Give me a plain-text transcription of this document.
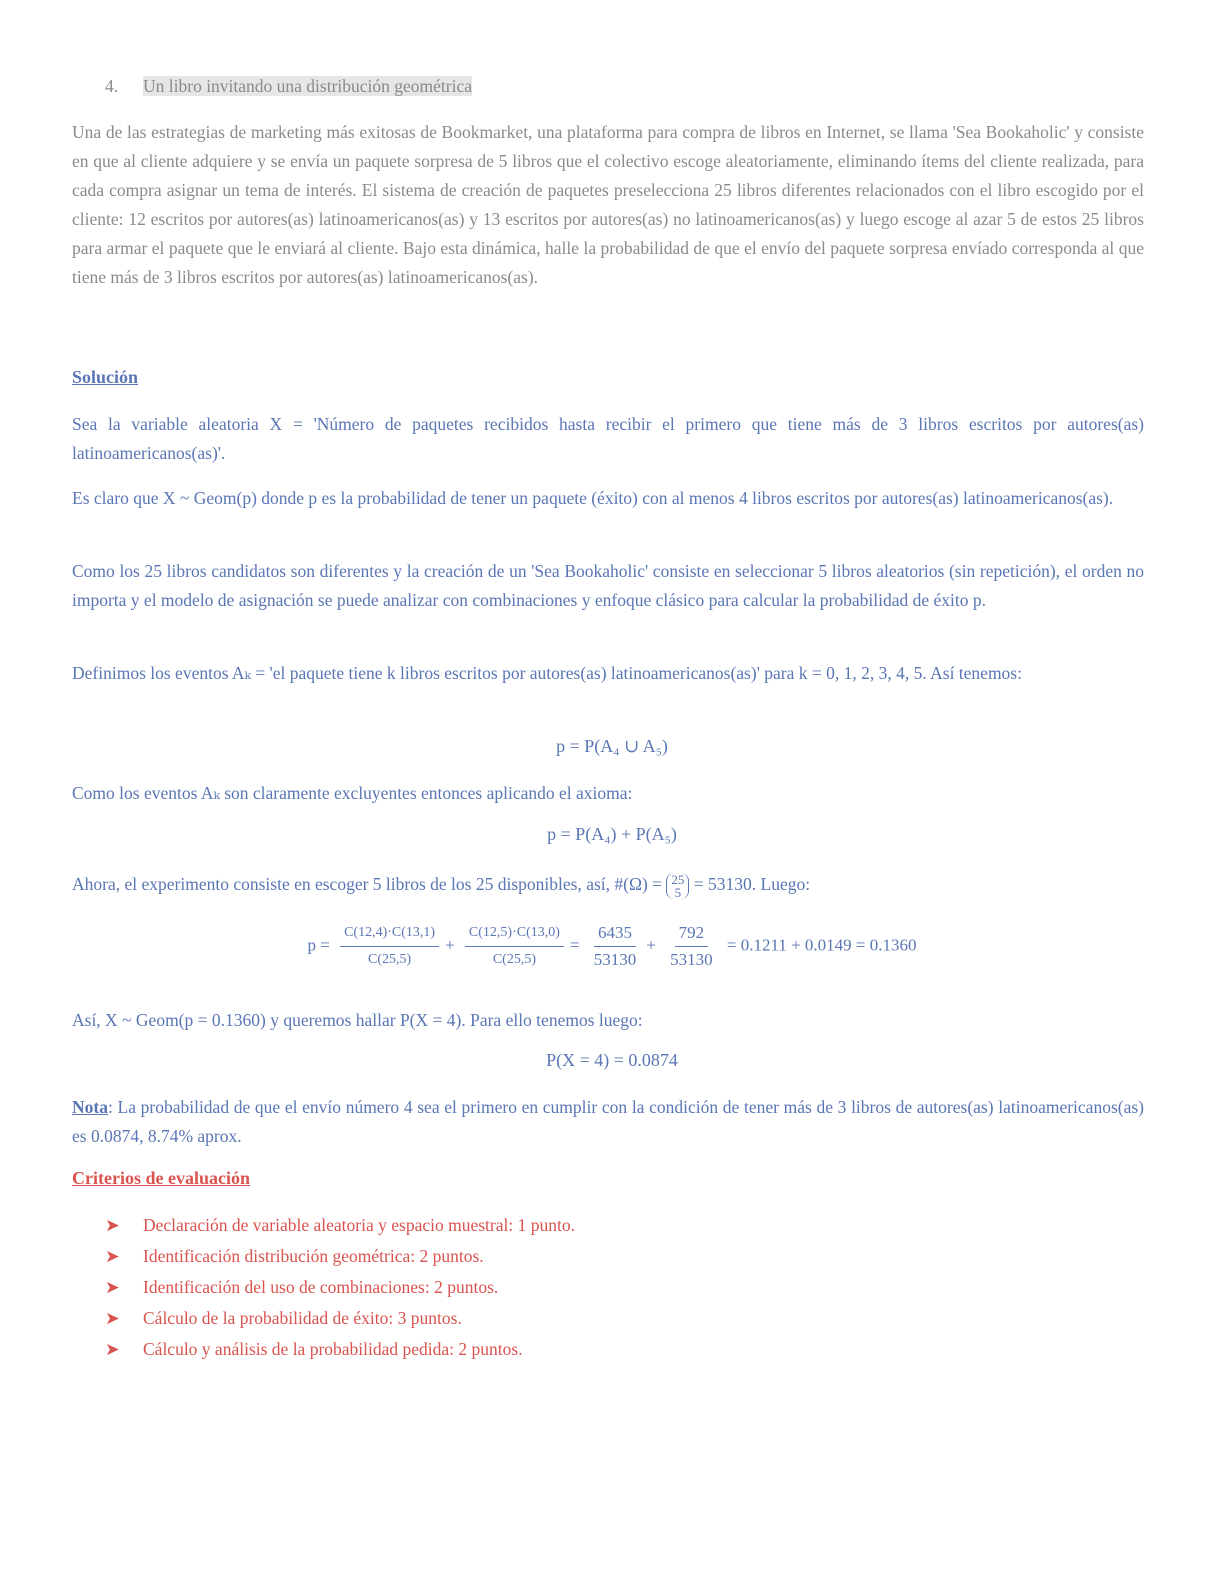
4. Un libro invitando una distribución geométrica
Una de las estrategias de marketing más exitosas de Bookmarket, una plataforma para compra de libros en Internet, se llama 'Sea Bookaholic' y consiste en que al cliente adquiere y se envía un paquete sorpresa de 5 libros que el colectivo escoge aleatoriamente, eliminando ítems del cliente realizada, para cada compra asignar un tema de interés. El sistema de creación de paquetes preselecciona 25 libros diferentes relacionados con el libro escogido por el cliente: 12 escritos por autores(as) latinoamericanos(as) y 13 escritos por autores(as) no latinoamericanos(as) y luego escoge al azar 5 de estos 25 libros para armar el paquete que le enviará al cliente. Bajo esta dinámica, halle la probabilidad de que el envío del paquete sorpresa envíado corresponda al que tiene más de 3 libros escritos por autores(as) latinoamericanos(as).
Solución
Sea la variable aleatoria X = 'Número de paquetes recibidos hasta recibir el primero que tiene más de 3 libros escritos por autores(as) latinoamericanos(as)'.
Es claro que X ~ Geom(p) donde p es la probabilidad de tener un paquete (éxito) con al menos 4 libros escritos por autores(as) latinoamericanos(as).
Como los 25 libros candidatos son diferentes y la creación de un 'Sea Bookaholic' consiste en seleccionar 5 libros aleatorios (sin repetición), el orden no importa y el modelo de asignación se puede analizar con combinaciones y enfoque clásico para calcular la probabilidad de éxito p.
Definimos los eventos Aₖ = 'el paquete tiene k libros escritos por autores(as) latinoamericanos(as)' para k = 0, 1, 2, 3, 4, 5. Así tenemos:
p = P(A₄ ∪ A₅)
Como los eventos Aₖ son claramente excluyentes entonces aplicando el axioma:
p = P(A₄) + P(A₅)
Ahora, el experimento consiste en escoger 5 libros de los 25 disponibles, así, #(Ω) = 25
5 = 53130. Luego:
$p = \frac{C(12,4)\cdot C(13,1)}{C(25,5)} + \frac{C(12,5)\cdot C(13,0)}{C(25,5)} = \frac{6435}{53130} + \frac{792}{53130} = 0.1211 + 0.0149 = 0.1360$
Así, X ~ Geom(p = 0.1360) y queremos hallar P(X = 4). Para ello tenemos luego:
P(X = 4) = 0.0874
Nota: La probabilidad de que el envío número 4 sea el primero en cumplir con la condición de tener más de 3 libros de autores(as) latinoamericanos(as) es 0.0874, 8.74% aprox.
Criterios de evaluación
➤ Declaración de variable aleatoria y espacio muestral: 1 punto.
➤ Identificación distribución geométrica: 2 puntos.
➤ Identificación del uso de combinaciones: 2 puntos.
➤ Cálculo de la probabilidad de éxito: 3 puntos.
➤ Cálculo y análisis de la probabilidad pedida: 2 puntos.
